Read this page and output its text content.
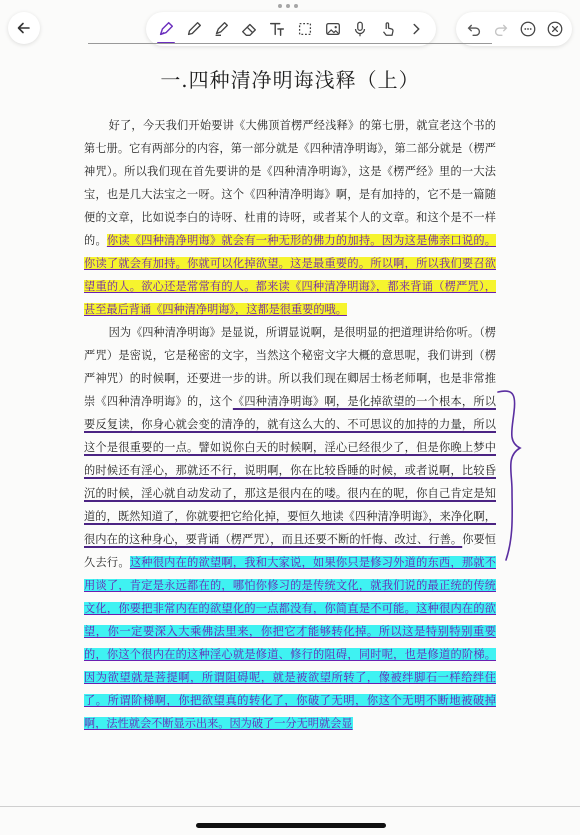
一.四种清净明诲浅释（上）

好了，今天我们开始要讲《大佛顶首楞严经浅释》的第七册，就宣老这个书的第七册。它有两部分的内容，第一部分就是《四种清净明诲》，第二部分就是（楞严神咒）。所以我们现在首先要讲的是《四种清净明诲》，这是《楞严经》里的一大法宝，也是几大法宝之一呀。这个《四种清净明诲》啊，是有加持的，它不是一篇随便的文章，比如说李白的诗呀、杜甫的诗呀，或者某个人的文章。和这个是不一样的。你读《四种清净明诲》就会有一种无形的佛力的加持。因为这是佛亲口说的。你读了就会有加持。你就可以化掉欲望。这是最重要的。所以啊，所以我们要召欲望重的人。欲心还是常常有的人。都来读《四种清净明诲》，都来背诵（楞严咒），甚至最后背诵《四种清净明诲》，这都是很重要的哦。

因为《四种清净明诲》是显说，所谓显说啊，是很明显的把道理讲给你听。（楞严咒）是密说，它是秘密的文字，当然这个秘密文字大概的意思呢，我们讲到（楞严神咒）的时候啊，还要进一步的讲。所以我们现在卿居士杨老师啊，也是非常推崇《四种清净明诲》的，这个《四种清净明诲》啊，是化掉欲望的一个根本，所以要反复读，你身心就会变的清净的，就有这么大的、不可思议的加持的力量，所以这个是很重要的一点。譬如说你白天的时候啊，淫心已经很少了，但是你晚上梦中的时候还有淫心，那就还不行，说明啊，你在比较昏睡的时候，或者说啊，比较昏沉的时候，淫心就自动发动了，那这是很内在的喽。很内在的呢，你自己肯定是知道的，既然知道了，你就要把它给化掉，要恒久地读《四种清净明诲》，来净化啊，很内在的这种身心，要背诵（楞严咒），而且还要不断的忏悔、改过、行善。你要恒久去行。这种很内在的欲望啊，我和大家说，如果你只是修习外道的东西，那就不用谈了，肯定是永远都在的，哪怕你修习的是传统文化，就我们说的最正统的传统文化，你要把非常内在的欲望化的一点都没有，你简直是不可能。这种很内在的欲望，你一定要深入大乘佛法里来，你把它才能够转化掉。所以这是特别特别重要的，你这个很内在的这种淫心就是修道、修行的阻碍，同时呢，也是修道的阶梯。因为欲望就是菩提啊，所谓阻碍呢，就是被欲望所转了，像被绊脚石一样给绊住了。所谓阶梯啊，你把欲望真的转化了，你破了无明，你这个无明不断地被破掉啊，法性就会不断显示出来。因为破了一分无明就会显
